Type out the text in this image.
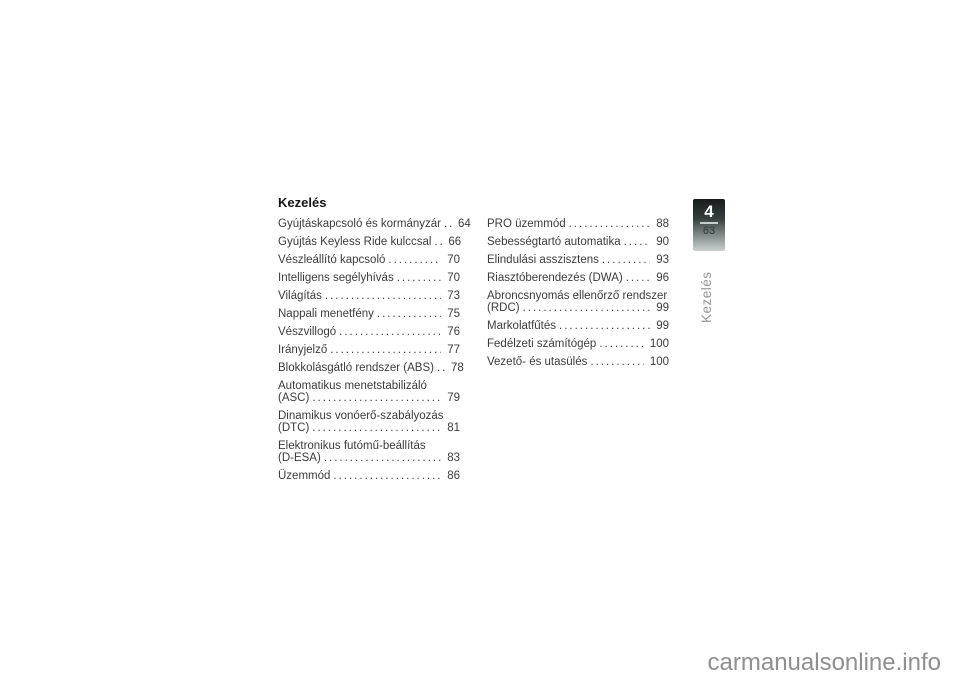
Kezelés
Gyújtáskapcsoló és kormányzár ..... 64
Gyújtás Keyless Ride kulccsal ..... 66
Vészleállító kapcsoló .....	70
Intelligens segélyhívás .....	70
Világítás .....	73
Nappali menetfény .....	75
Vészvillogó .....	76
Irányjelző .....	77
Blokkolásgátló rendszer (ABS) ..... 78
Automatikus menetstabilizáló
(ASC) .....	79
Dinamikus vonóerő-szabályozás
(DTC) .....	81
Elektronikus futómű-beállítás
(D-ESA) .....	83
Üzemmód .....	86
PRO üzemmód .....	88
Sebességtartó automatika .....	90
Elindulási asszisztens .....	93
Riasztóberendezés (DWA) .....	96
Abroncsnyomás ellenőrző rendszer
(RDC) .....	99
Markolatfűtés .....	99
Fedélzeti számítógép .....	100
Vezető- és utasülés .....	100
4
63
Kezelés
carmanualsonline.info
